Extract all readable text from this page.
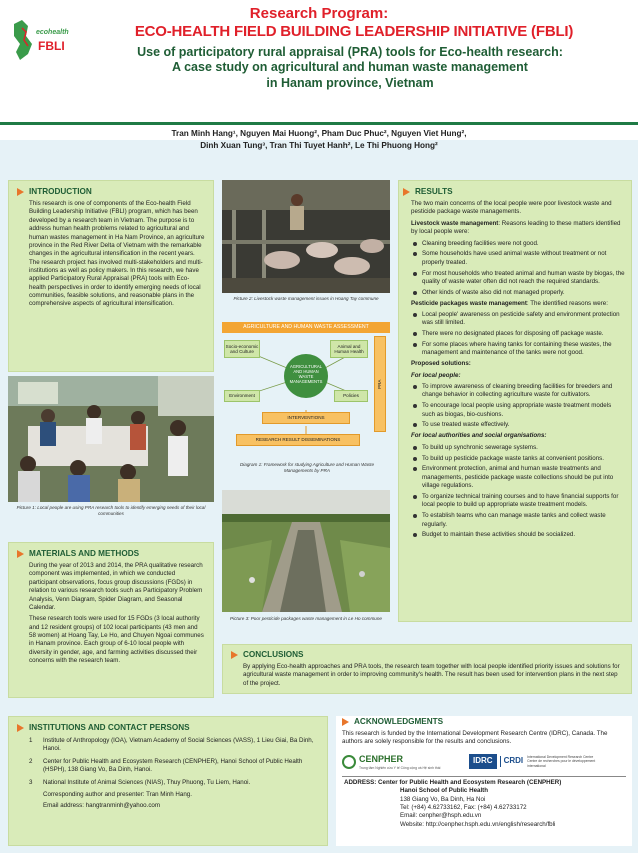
ecohealth
FBLI
Research Program:
ECO-HEALTH FIELD BUILDING LEADERSHIP INITIATIVE (FBLI)
Use of participatory rural appraisal (PRA) tools for Eco-health research:
A case study on agricultural and human waste management
in Hanam province, Vietnam
Tran Minh Hang¹, Nguyen Mai Huong², Pham Duc Phuc², Nguyen Viet Hung²,
Dinh Xuan Tung³, Tran Thi Tuyet Hanh², Le Thi Phuong Hong²
INTRODUCTION

This research is one of components of the Eco-health Field Building Leadership Initiative (FBLI) program, which has been developed by a research team in Vietnam. The purpose is to address human health problems related to agricultural and human wastes management in Ha Nam Province, an agriculture province in the Red River Delta of Vietnam with the remarkable changes in the agricultural intensification in the recent years. The research project has involved multi-stakeholders and multi-institutions as well as policy makers. In this research, we have applied Participatory Rural Appraisal (PRA) tools with Eco-health perspectives in order to identify emerging needs of local communities, feasible solutions, and reasonable plans in the comprehensive aspects of agricultural intensification.

Picture 1: Local people are using PRA research tools to identify emerging needs of their local communities
Picture 2: Livestock waste management issues in Hoang Tay commune
AGRICULTURE AND HUMAN WASTE ASSESSMENT
Socio-economic and Culture
Animal and Human Health
AGRICULTURAL AND HUMAN WASTE MANAGEMENTS
Environment	Policies
PRA
INTERVENTIONS
RESEARCH RESULT DISSEMINATIONS
Diagram 1: Framework for studying Agriculture and Human Waste Managements by PRA
Picture 3: Poor pesticide packages waste management in Le Ho commune
MATERIALS AND METHODS

During the year of 2013 and 2014, the PRA qualitative research component was implemented, in which we conducted participant observations, focus group discussions (FGDs) in relation to various research tools such as Participatory Problem Analysis, Venn Diagram, Spider Diagram, and Seasonal Calendar.

These research tools were used for 15 FGDs (3 local authority and 12 resident groups) of 102 local participants (43 men and 58 women) at Hoang Tay, Le Ho, and Chuyen Ngoai communes in Hanam province. Each group of 6-10 local people with diversity in gender, age, and farming activities discussed their concerns with the research team.

RESULTS

The two main concerns of the local people were poor livestock waste and pesticide package waste managements.

Livestock waste management: Reasons leading to these matters identified by local people were:

Cleaning breeding facilities were not good.
Some households have used animal waste without treatment or not properly treated.
For most households who treated animal and human waste by biogas, the quality of waste water often did not reach the required standards.
Other kinds of waste also did not managed properly.

Pesticide packages waste management: The identified reasons were:

Local people' awareness on pesticide safety and environment protection was still limited.
There were no designated places for disposing off package waste.
For some places where having tanks for containing these wastes, the management and maintenance of the tanks were not good.

Proposed solutions:

For local people:

To improve awareness of cleaning breeding facilities for breeders and change behavior in collecting agriculture waste for cultivators.
To encourage local people using appropriate waste treatment models such as biogas, bio-cushions.
To use treated waste effectively.

For local authorities and social organisations:

To build up synchronic sewerage systems.
To build up pesticide package waste tanks at convenient positions.
Environment protection, animal and human waste treatments and managements, pesticide package waste collections should be put into village regulations.
To organize technical training courses and to have financial supports for local people to build up appropriate waste treatment models.
To establish teams who can manage waste tanks and collect waste regularly.
Budget to maintain these activities should be socialized.
CONCLUSIONS

By applying Eco-health approaches and PRA tools, the research team together with local people identified priority issues and solutions for agricultural waste management in order to improving community's health. The result has been used for intervention plans in the next step of the project.

INSTITUTIONS AND CONTACT PERSONS
1	Institute of Anthropology (IOA), Vietnam Academy of Social Sciences (VASS), 1 Lieu Giai, Ba Dinh, Hanoi.
2	Center for Public Health and Ecosystem Research (CENPHER), Hanoi School of Public Health (HSPH), 138 Giang Vo, Ba Dinh, Hanoi.
3	National Institute of Animal Sciences (NIAS), Thuy Phuong, Tu Liem, Hanoi.

Corresponding author and presenter: Tran Minh Hang.

Email address: hangtranminh@yahoo.com

ACKNOWLEDGMENTS

This research is funded by the International Development Research Centre (IDRC), Canada. The authors are solely responsible for the results and conclusions.

CENPHER
Trung tâm Nghiên cứu Y tế Công cộng và Hệ sinh thái
IDRC	CRDI International Development Research Centre
Centre de recherches pour le développement international
ADDRESS: Center for Public Health and Ecosystem Research (CENPHER)
Hanoi School of Public Health
138 Giang Vo, Ba Dinh, Ha Noi
Tel: (+84) 4.62733162, Fax: (+84) 4.62733172
Email: cenpher@hsph.edu.vn
Website: http://cenpher.hsph.edu.vn/english/research/fbli
